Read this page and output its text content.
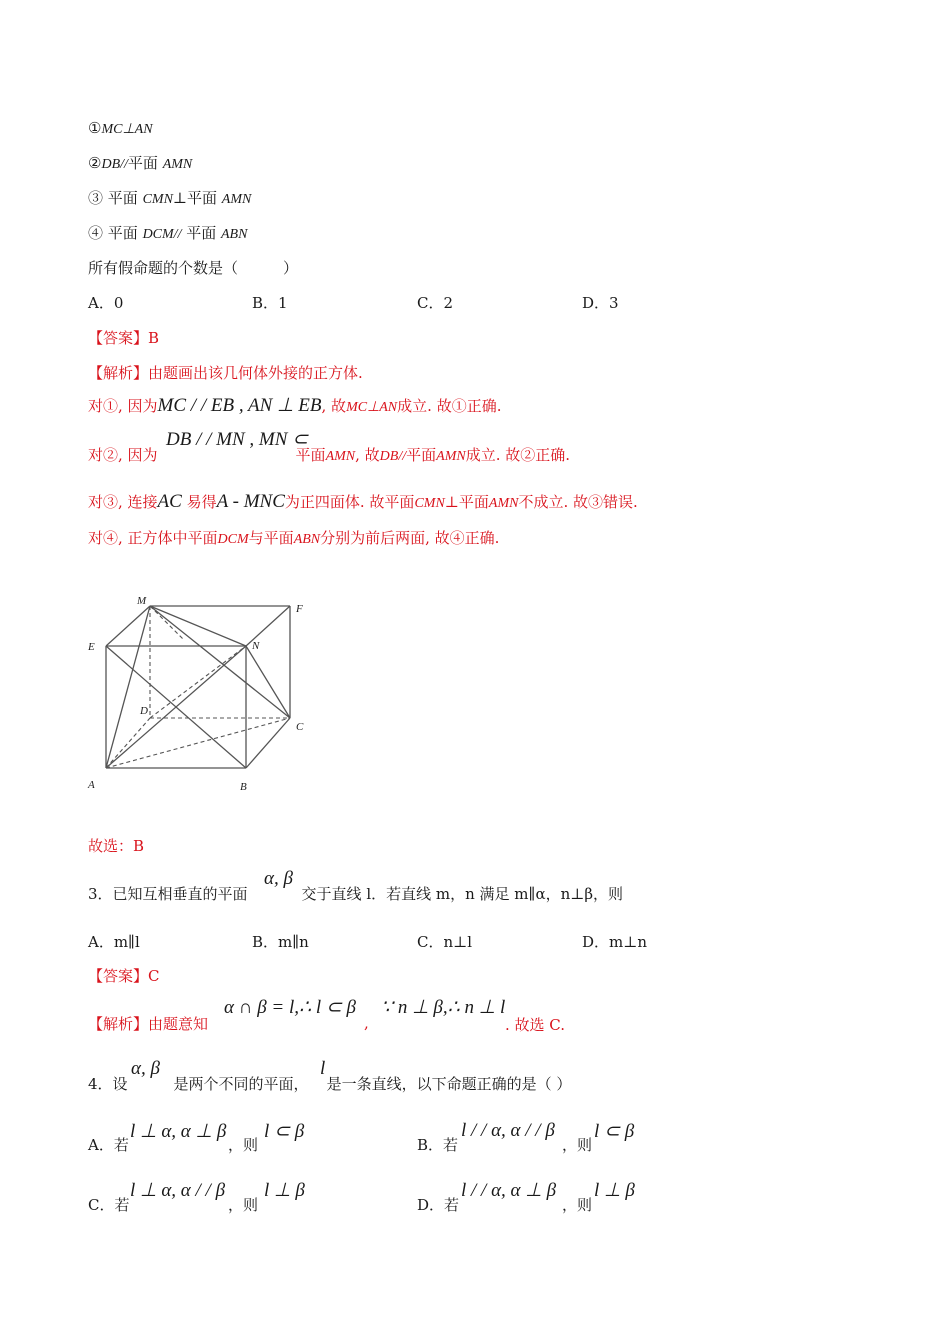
①MC⊥AN
②DB//平面 AMN
③ 平面 CMN⊥平面 AMN
④ 平面 DCM// 平面 ABN
所有假命题的个数是（　　　）
A．0	B．1	C．2	D．3
【答案】B
【解析】由题画出该几何体外接的正方体.
对①, 因为MC / / EB , AN ⊥ EB, 故MC⊥AN成立. 故①正确.
DB / / MN , MN ⊂
对②, 因为	平面AMN, 故DB//平面AMN成立. 故②正确.
对③, 连接AC 易得A - MNC为正四面体. 故平面CMN⊥平面AMN不成立. 故③错误.
对④, 正方体中平面DCM与平面ABN分别为前后两面, 故④正确.
M
F
E	N
D
C
A	B
故选：B
α, β
3．已知互相垂直的平面	交于直线 l．若直线 m，n 满足 m∥α，n⊥β，则
A．m∥l	B．m∥n	C．n⊥l	D．m⊥n
【答案】C
α ∩ β = l,∴ l ⊂ β ∵ n ⊥ β,∴ n ⊥ l
【解析】由题意知	,	. 故选 C.
α, β	l
4．设	是两个不同的平面， 是一条直线，以下命题正确的是（ ）
l ⊥ α, α ⊥ β l ⊂ β
A．若	，则
l / / α, α / / β l ⊂ β
B．若	，则
l ⊥ α, α / / β l ⊥ β
C．若	，则
l / / α, α ⊥ β l ⊥ β
D．若	，则
